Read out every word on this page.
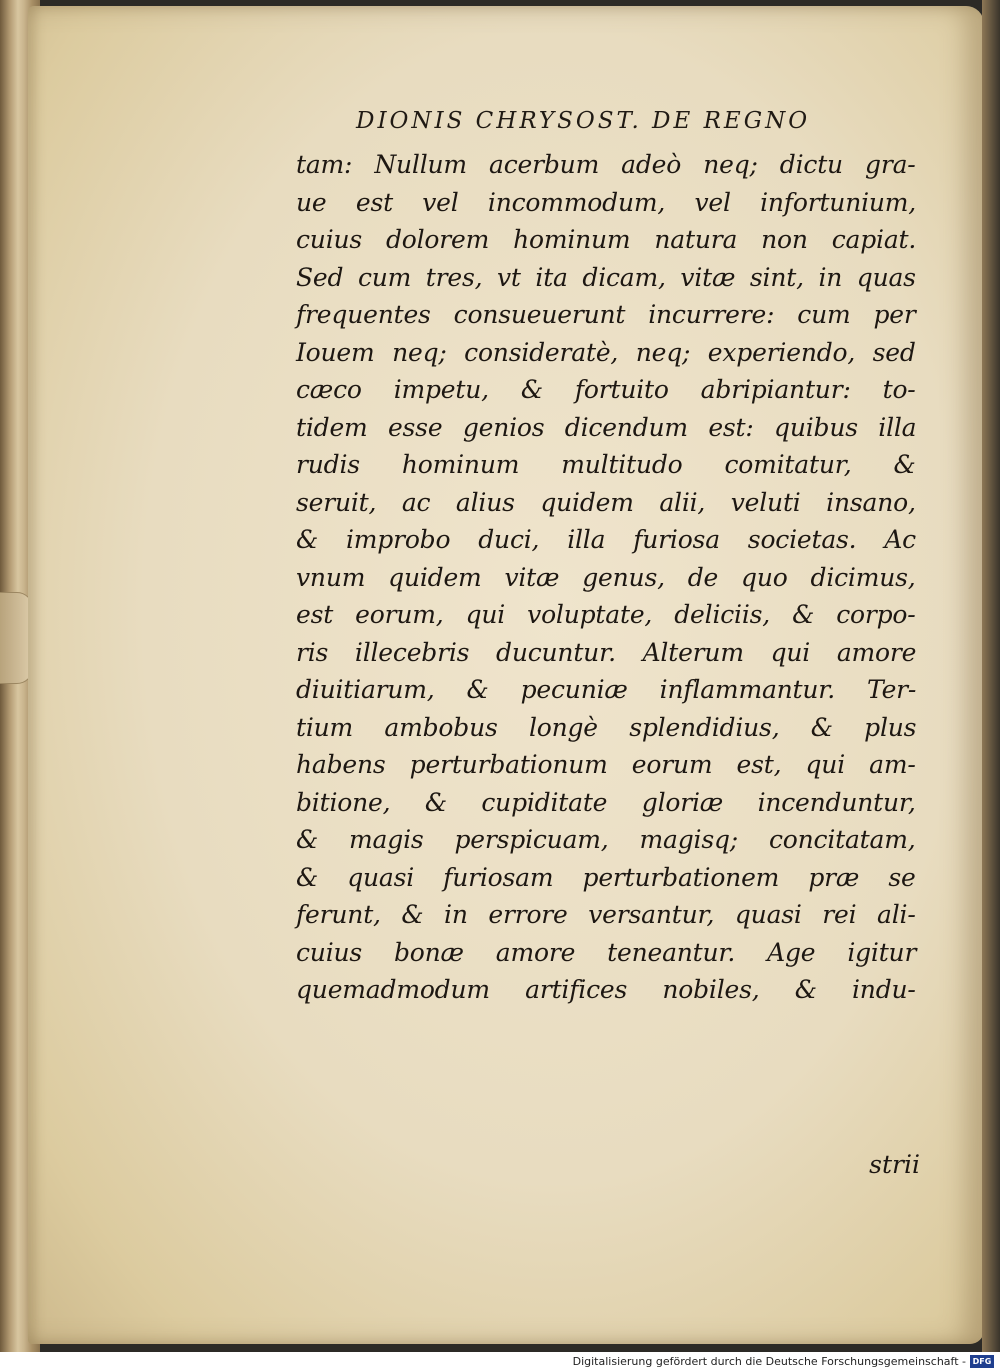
DIONIS CHRYSOST. DE REGNO
tam: Nullum acerbum adeò neq; dictu gra-
ue est vel incommodum, vel infortunium,
cuius dolorem hominum natura non capiat.
Sed cum tres, vt ita dicam, vitæ sint, in quas
frequentes consueuerunt incurrere: cum per
Iouem neq; consideratè, neq; experiendo, sed
cæco impetu, & fortuito abripiantur: to-
tidem esse genios dicendum est: quibus illa
rudis hominum multitudo comitatur, &
seruit, ac alius quidem alii, veluti insano,
& improbo duci, illa furiosa societas. Ac
vnum quidem vitæ genus, de quo dicimus,
est eorum, qui voluptate, deliciis, & corpo-
ris illecebris ducuntur. Alterum qui amore
diuitiarum, & pecuniæ inflammantur. Ter-
tium ambobus longè splendidius, & plus
habens perturbationum eorum est, qui am-
bitione, & cupiditate gloriæ incenduntur,
& magis perspicuam, magisq; concitatam,
& quasi furiosam perturbationem præ se
ferunt, & in errore versantur, quasi rei ali-
cuius bonæ amore teneantur. Age igitur
quemadmodum artifices nobiles, & indu-
strii
Digitalisierung gefördert durch die Deutsche Forschungsgemeinschaft - DFG
